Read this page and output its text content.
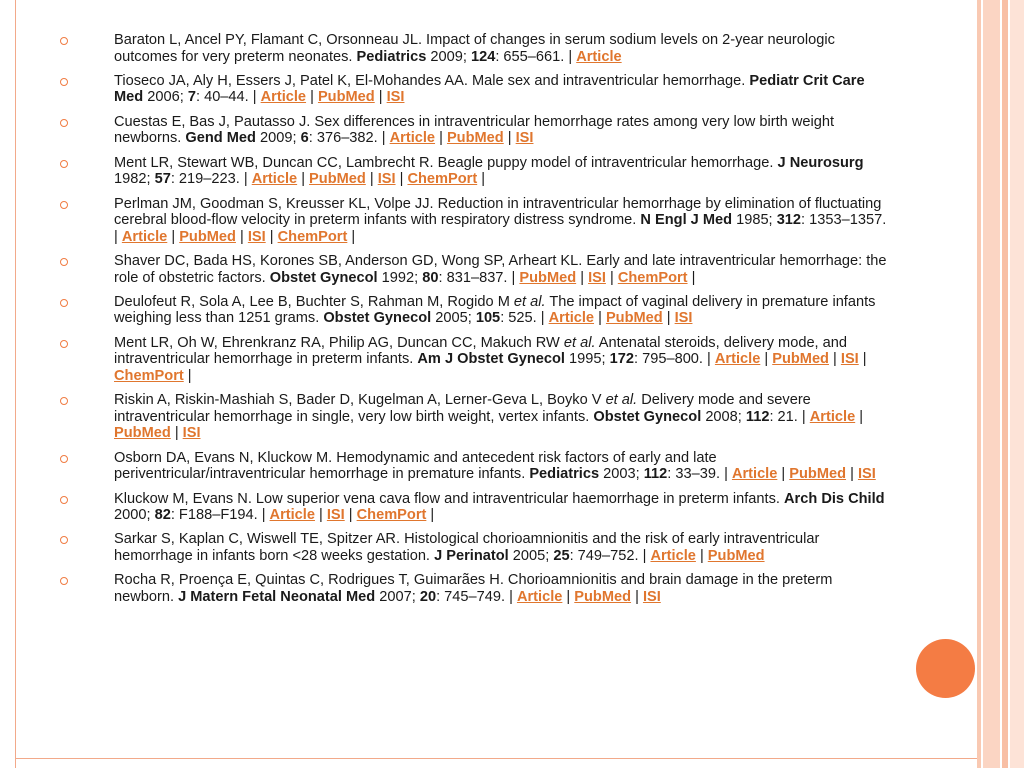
Baraton L, Ancel PY, Flamant C, Orsonneau JL. Impact of changes in serum sodium levels on 2-year neurologic outcomes for very preterm neonates. Pediatrics 2009; 124: 655–661. | Article
Tioseco JA, Aly H, Essers J, Patel K, El-Mohandes AA. Male sex and intraventricular hemorrhage. Pediatr Crit Care Med 2006; 7: 40–44. | Article | PubMed | ISI
Cuestas E, Bas J, Pautasso J. Sex differences in intraventricular hemorrhage rates among very low birth weight newborns. Gend Med 2009; 6: 376–382. | Article | PubMed | ISI
Ment LR, Stewart WB, Duncan CC, Lambrecht R. Beagle puppy model of intraventricular hemorrhage. J Neurosurg 1982; 57: 219–223. | Article | PubMed | ISI | ChemPort |
Perlman JM, Goodman S, Kreusser KL, Volpe JJ. Reduction in intraventricular hemorrhage by elimination of fluctuating cerebral blood-flow velocity in preterm infants with respiratory distress syndrome. N Engl J Med 1985; 312: 1353–1357. | Article | PubMed | ISI | ChemPort |
Shaver DC, Bada HS, Korones SB, Anderson GD, Wong SP, Arheart KL. Early and late intraventricular hemorrhage: the role of obstetric factors. Obstet Gynecol 1992; 80: 831–837. | PubMed | ISI | ChemPort |
Deulofeut R, Sola A, Lee B, Buchter S, Rahman M, Rogido M et al. The impact of vaginal delivery in premature infants weighing less than 1251 grams. Obstet Gynecol 2005; 105: 525. | Article | PubMed | ISI
Ment LR, Oh W, Ehrenkranz RA, Philip AG, Duncan CC, Makuch RW et al. Antenatal steroids, delivery mode, and intraventricular hemorrhage in preterm infants. Am J Obstet Gynecol 1995; 172: 795–800. | Article | PubMed | ISI | ChemPort |
Riskin A, Riskin-Mashiah S, Bader D, Kugelman A, Lerner-Geva L, Boyko V et al. Delivery mode and severe intraventricular hemorrhage in single, very low birth weight, vertex infants. Obstet Gynecol 2008; 112: 21. | Article | PubMed | ISI
Osborn DA, Evans N, Kluckow M. Hemodynamic and antecedent risk factors of early and late periventricular/intraventricular hemorrhage in premature infants. Pediatrics 2003; 112: 33–39. | Article | PubMed | ISI
Kluckow M, Evans N. Low superior vena cava flow and intraventricular haemorrhage in preterm infants. Arch Dis Child 2000; 82: F188–F194. | Article | ISI | ChemPort |
Sarkar S, Kaplan C, Wiswell TE, Spitzer AR. Histological chorioamnionitis and the risk of early intraventricular hemorrhage in infants born <28 weeks gestation. J Perinatol 2005; 25: 749–752. | Article | PubMed
Rocha R, Proença E, Quintas C, Rodrigues T, Guimarães H. Chorioamnionitis and brain damage in the preterm newborn. J Matern Fetal Neonatal Med 2007; 20: 745–749. | Article | PubMed | ISI
